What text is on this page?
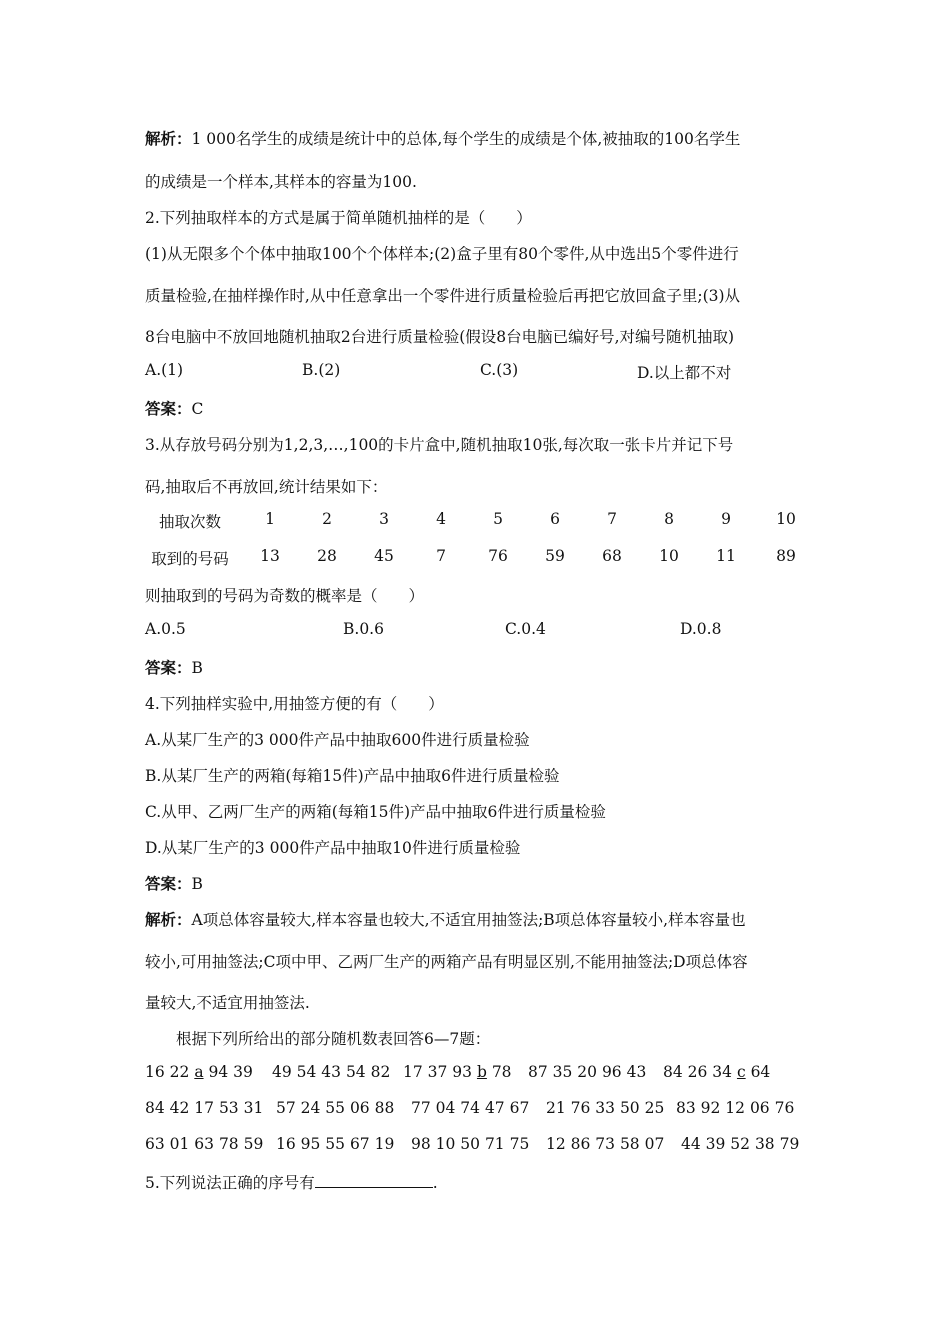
解析：1 000名学生的成绩是统计中的总体,每个学生的成绩是个体,被抽取的100名学生
的成绩是一个样本,其样本的容量为100.
2.下列抽取样本的方式是属于简单随机抽样的是（　　）
(1)从无限多个个体中抽取100个个体样本;(2)盒子里有80个零件,从中选出5个零件进行
质量检验,在抽样操作时,从中任意拿出一个零件进行质量检验后再把它放回盒子里;(3)从
8台电脑中不放回地随机抽取2台进行质量检验(假设8台电脑已编好号,对编号随机抽取)
A.(1)	B.(2)	C.(3)	D.以上都不对
答案：C
3.从存放号码分别为1,2,3,…,100的卡片盒中,随机抽取10张,每次取一张卡片并记下号
码,抽取后不再放回,统计结果如下：
抽取次数	1	2	3	4	5	6	7	8	9	10
取到的号码	13	28	45	7	76	59	68	10	11	89
则抽取到的号码为奇数的概率是（　　）
A.0.5	B.0.6	C.0.4	D.0.8
答案：B
4.下列抽样实验中,用抽签方便的有（　　）
A.从某厂生产的3 000件产品中抽取600件进行质量检验
B.从某厂生产的两箱(每箱15件)产品中抽取6件进行质量检验
C.从甲、乙两厂生产的两箱(每箱15件)产品中抽取6件进行质量检验
D.从某厂生产的3 000件产品中抽取10件进行质量检验
答案：B
解析：A项总体容量较大,样本容量也较大,不适宜用抽签法;B项总体容量较小,样本容量也
较小,可用抽签法;C项中甲、乙两厂生产的两箱产品有明显区别,不能用抽签法;D项总体容
量较大,不适宜用抽签法.
根据下列所给出的部分随机数表回答6—7题：
16 22 a 94 39 49 54 43 54 82 17 37 93 b 78 87 35 20 96 43 84 26 34 c 64
84 42 17 53 31 57 24 55 06 88 77 04 74 47 67 21 76 33 50 25 83 92 12 06 76
63 01 63 78 59 16 95 55 67 19 98 10 50 71 75 12 86 73 58 07 44 39 52 38 79
5.下列说法正确的序号有	.
